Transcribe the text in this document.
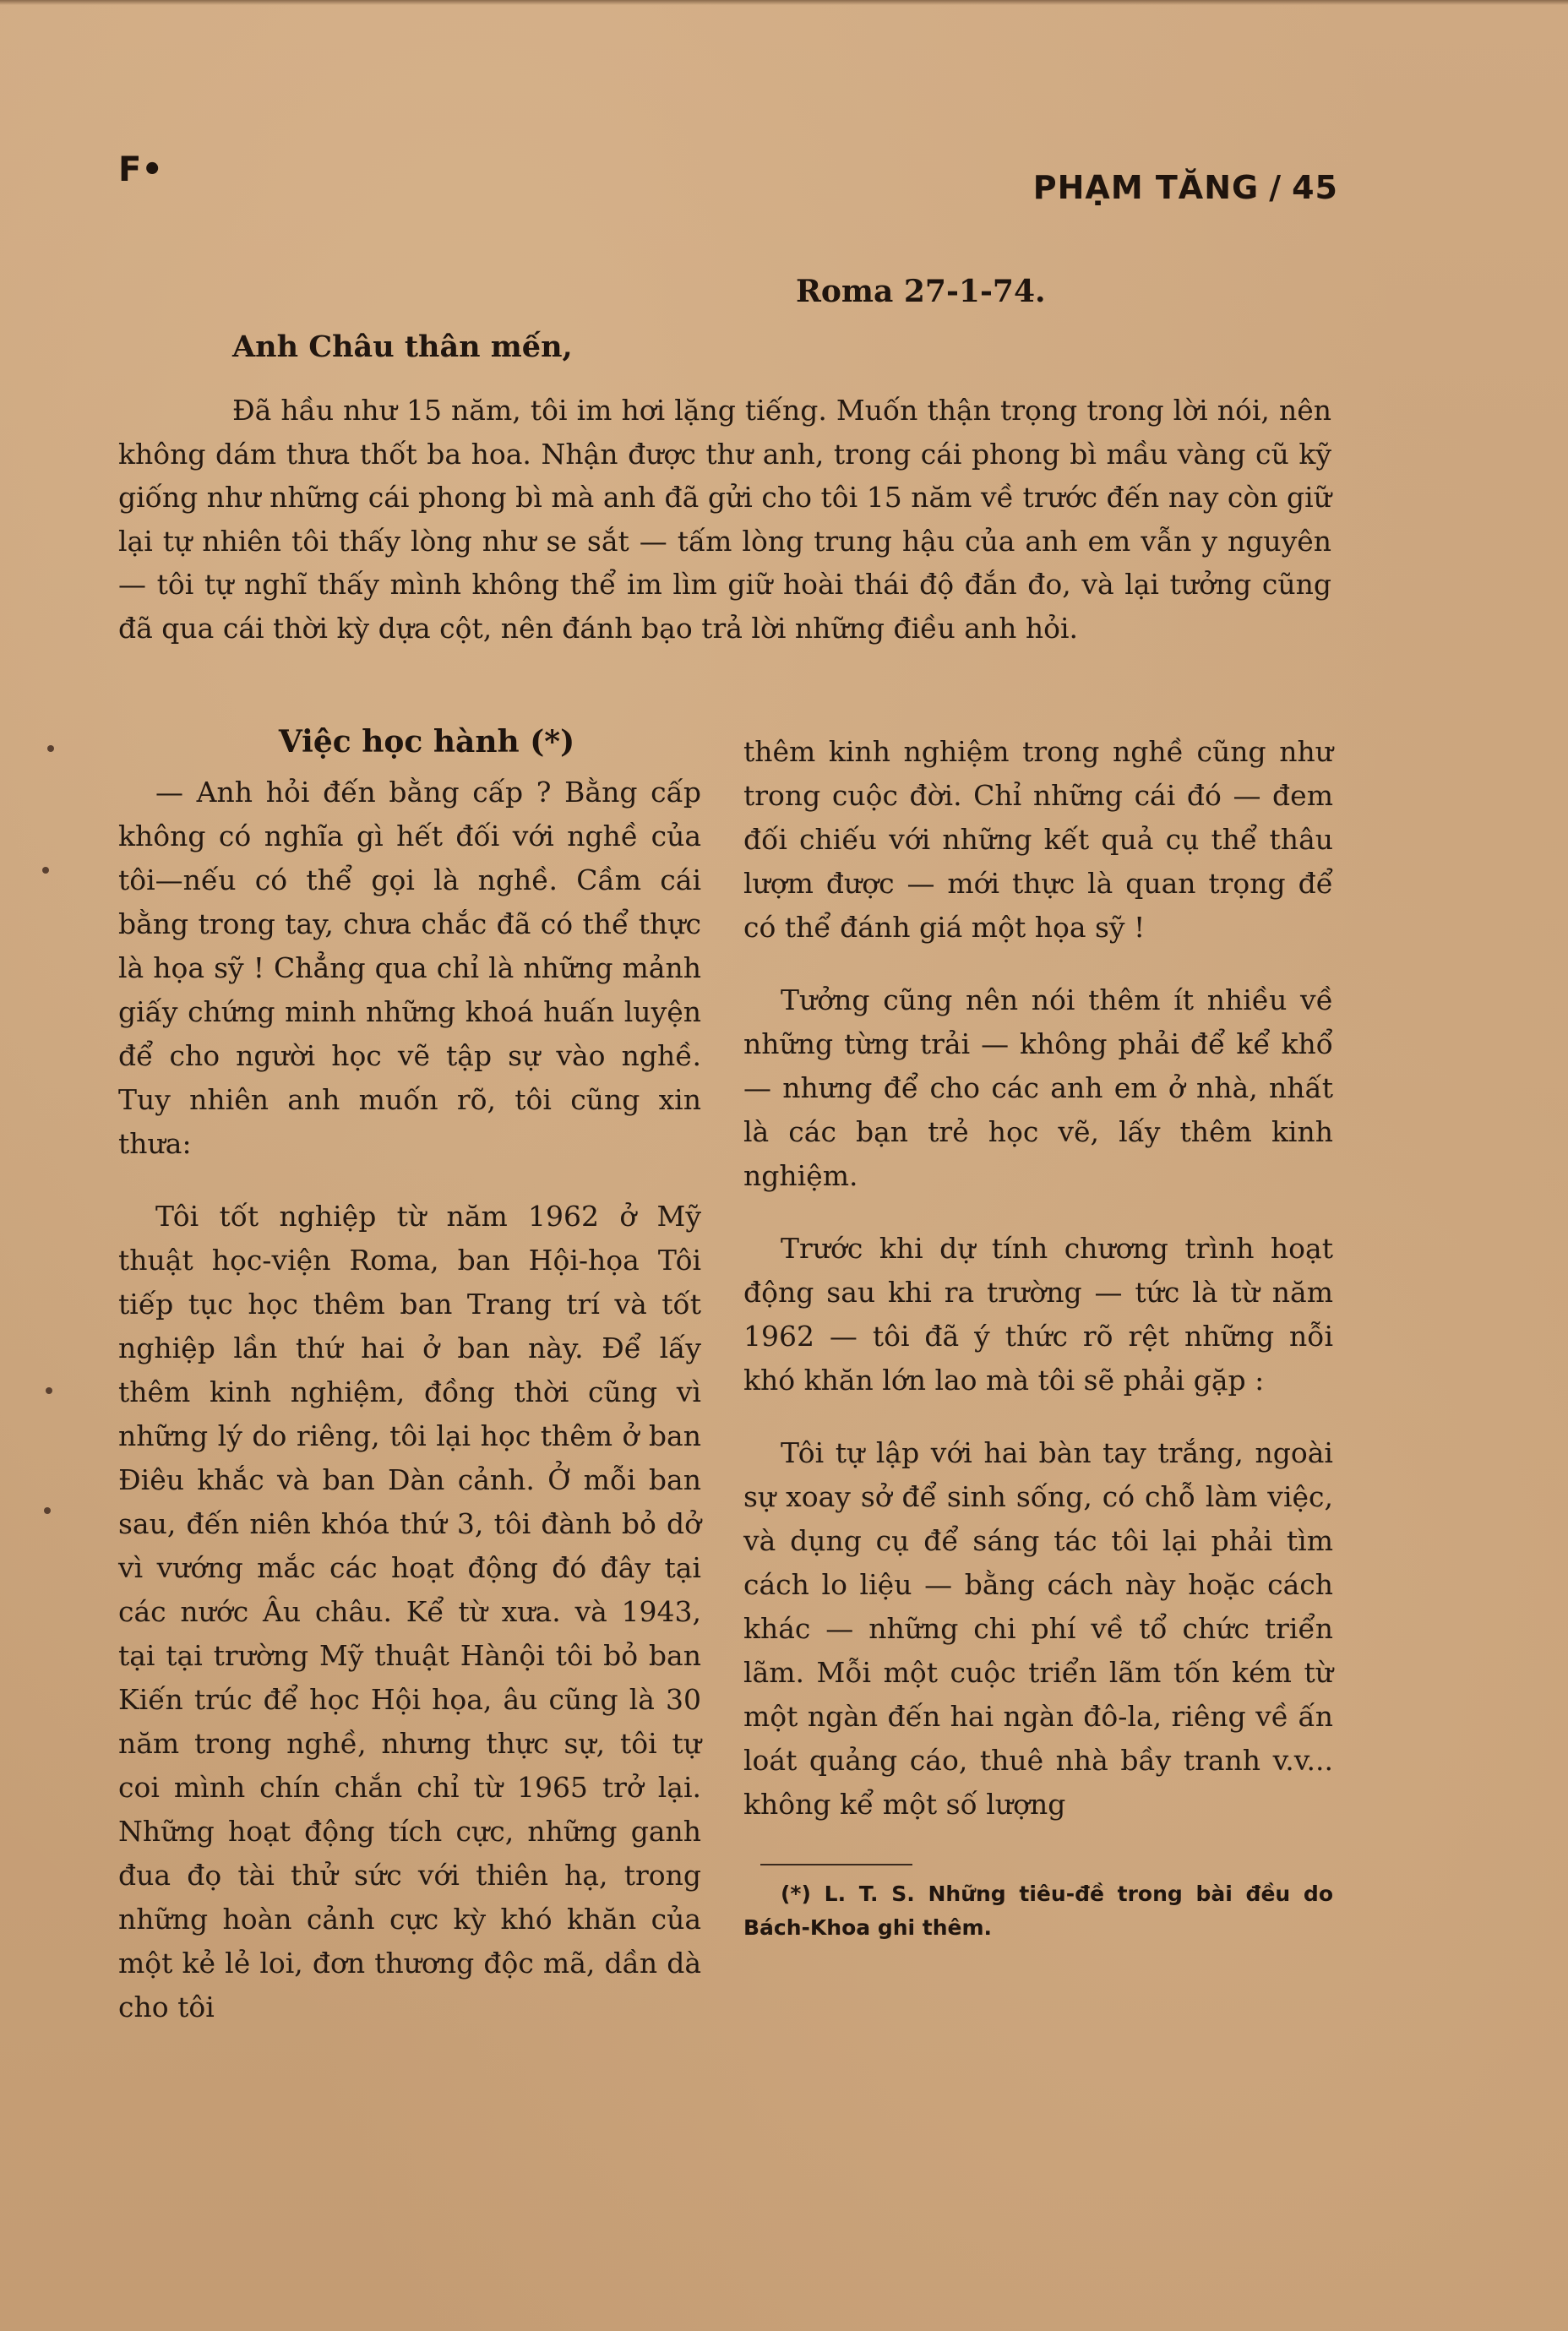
F•	PHẠM TĂNG / 45
Roma 27-1-74.
Anh Châu thân mến,

Đã hầu như 15 năm, tôi im hơi lặng tiếng. Muốn thận trọng trong lời nói, nên không dám thưa thốt ba hoa. Nhận được thư anh, trong cái phong bì mầu vàng cũ kỹ giống như những cái phong bì mà anh đã gửi cho tôi 15 năm về trước đến nay còn giữ lại tự nhiên tôi thấy lòng như se sắt — tấm lòng trung hậu của anh em vẫn y nguyên — tôi tự nghĩ thấy mình không thể im lìm giữ hoài thái độ đắn đo, và lại tưởng cũng đã qua cái thời kỳ dựa cột, nên đánh bạo trả lời những điều anh hỏi.

Việc học hành (*)

— Anh hỏi đến bằng cấp ? Bằng cấp không có nghĩa gì hết đối với nghề của tôi—nếu có thể gọi là nghề. Cầm cái bằng trong tay, chưa chắc đã có thể thực là họa sỹ ! Chẳng qua chỉ là những mảnh giấy chứng minh những khoá huấn luyện để cho người học vẽ tập sự vào nghề. Tuy nhiên anh muốn rõ, tôi cũng xin thưa:

Tôi tốt nghiệp từ năm 1962 ở Mỹ thuật học-viện Roma, ban Hội-họa Tôi tiếp tục học thêm ban Trang trí và tốt nghiệp lần thứ hai ở ban này. Để lấy thêm kinh nghiệm, đồng thời cũng vì những lý do riêng, tôi lại học thêm ở ban Điêu khắc và ban Dàn cảnh. Ở mỗi ban sau, đến niên khóa thứ 3, tôi đành bỏ dở vì vướng mắc các hoạt động đó đây tại các nước Âu châu. Kể từ xưa. và 1943, tại tại trường Mỹ thuật Hànội tôi bỏ ban Kiến trúc để học Hội họa, âu cũng là 30 năm trong nghề, nhưng thực sự, tôi tự coi mình chín chắn chỉ từ 1965 trở lại. Những hoạt động tích cực, những ganh đua đọ tài thử sức với thiên hạ, trong những hoàn cảnh cực kỳ khó khăn của một kẻ lẻ loi, đơn thương độc mã, dần dà cho tôi

thêm kinh nghiệm trong nghề cũng như trong cuộc đời. Chỉ những cái đó — đem đối chiếu với những kết quả cụ thể thâu lượm được — mới thực là quan trọng để có thể đánh giá một họa sỹ !

Tưởng cũng nên nói thêm ít nhiều về những từng trải — không phải để kể khổ — nhưng để cho các anh em ở nhà, nhất là các bạn trẻ học vẽ, lấy thêm kinh nghiệm.

Trước khi dự tính chương trình hoạt động sau khi ra trường — tức là từ năm 1962 — tôi đã ý thức rõ rệt những nỗi khó khăn lớn lao mà tôi sẽ phải gặp :

Tôi tự lập với hai bàn tay trắng, ngoài sự xoay sở để sinh sống, có chỗ làm việc, và dụng cụ để sáng tác tôi lại phải tìm cách lo liệu — bằng cách này hoặc cách khác — những chi phí về tổ chức triển lãm. Mỗi một cuộc triển lãm tốn kém từ một ngàn đến hai ngàn đô-la, riêng về ấn loát quảng cáo, thuê nhà bầy tranh v.v... không kể một số lượng

(*) L. T. S. Những tiêu-đề trong bài đều do Bách-Khoa ghi thêm.
